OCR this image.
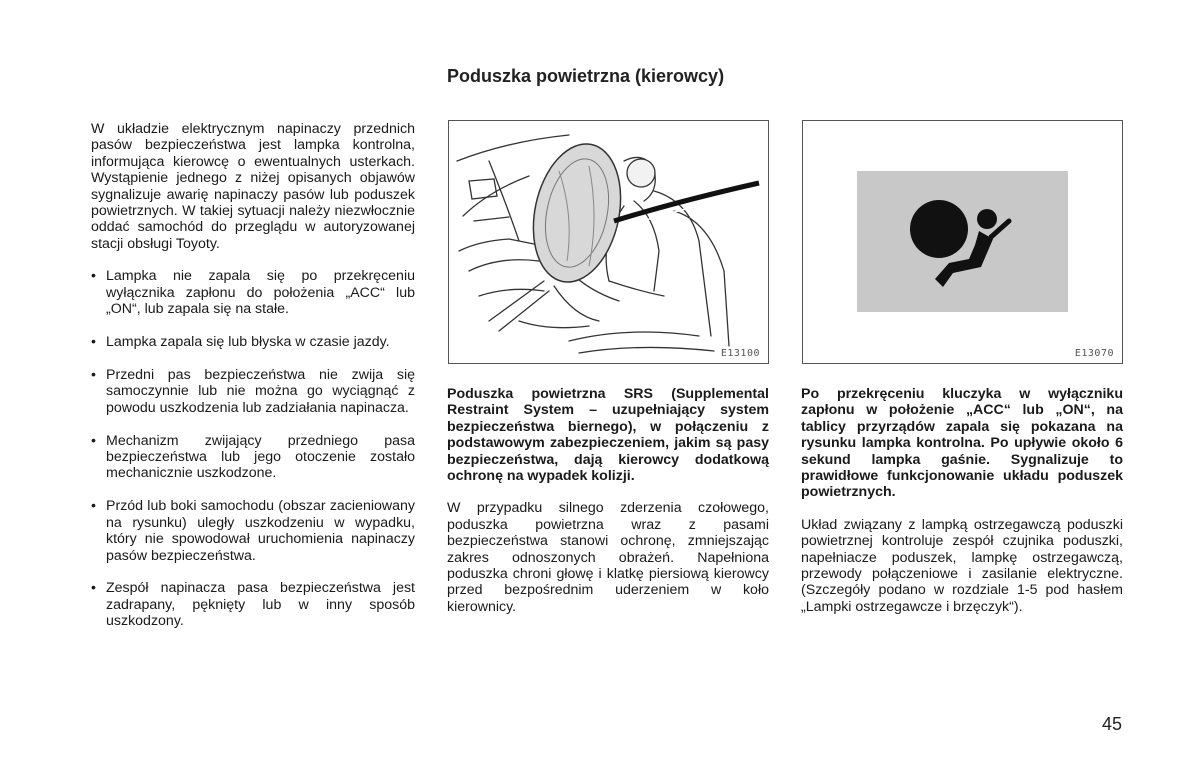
Poduszka powietrzna (kierowcy)

W układzie elektrycznym napinaczy przednich pasów bezpieczeństwa jest lampka kontrolna, informująca kierowcę o ewentualnych usterkach. Wystąpienie jednego z niżej opisanych objawów sygnalizuje awarię napinaczy pasów lub poduszek powietrznych. W takiej sytuacji należy niezwłocznie oddać samochód do przeglądu w autoryzowanej stacji obsługi Toyoty.

• Lampka nie zapala się po przekręceniu wyłącznika zapłonu do położenia „ACC“ lub „ON“, lub zapala się na stałe.
• Lampka zapala się lub błyska w czasie jazdy.
• Przedni pas bezpieczeństwa nie zwija się samoczynnie lub nie można go wyciągnąć z powodu uszkodzenia lub zadziałania napinacza.
• Mechanizm zwijający przedniego pasa bezpieczeństwa lub jego otoczenie zostało mechanicznie uszkodzone.
• Przód lub boki samochodu (obszar zacieniowany na rysunku) uległy uszkodzeniu w wypadku, który nie spowodował uruchomienia napinaczy pasów bezpieczeństwa.
• Zespół napinacza pasa bezpieczeństwa jest zadrapany, pęknięty lub w inny sposób uszkodzony.
E13100	E13070

Poduszka powietrzna SRS (Supplemental Restraint System – uzupełniający system bezpieczeństwa biernego), w połączeniu z podstawowym zabezpieczeniem, jakim są pasy bezpieczeństwa, dają kierowcy dodatkową ochronę na wypadek kolizji.

W przypadku silnego zderzenia czołowego, poduszka powietrzna wraz z pasami bezpieczeństwa stanowi ochronę, zmniejszając zakres odnoszonych obrażeń. Napełniona poduszka chroni głowę i klatkę piersiową kierowcy przed bezpośrednim uderzeniem w koło kierownicy.

Po przekręceniu kluczyka w wyłączniku zapłonu w położenie „ACC“ lub „ON“, na tablicy przyrządów zapala się pokazana na rysunku lampka kontrolna. Po upływie około 6 sekund lampka gaśnie. Sygnalizuje to prawidłowe funkcjonowanie układu poduszek powietrznych.

Układ związany z lampką ostrzegawczą poduszki powietrznej kontroluje zespół czujnika poduszki, napełniacze poduszek, lampkę ostrzegawczą, przewody połączeniowe i zasilanie elektryczne. (Szczegóły podano w rozdziale 1-5 pod hasłem „Lampki ostrzegawcze i brzęczyk“).

45
